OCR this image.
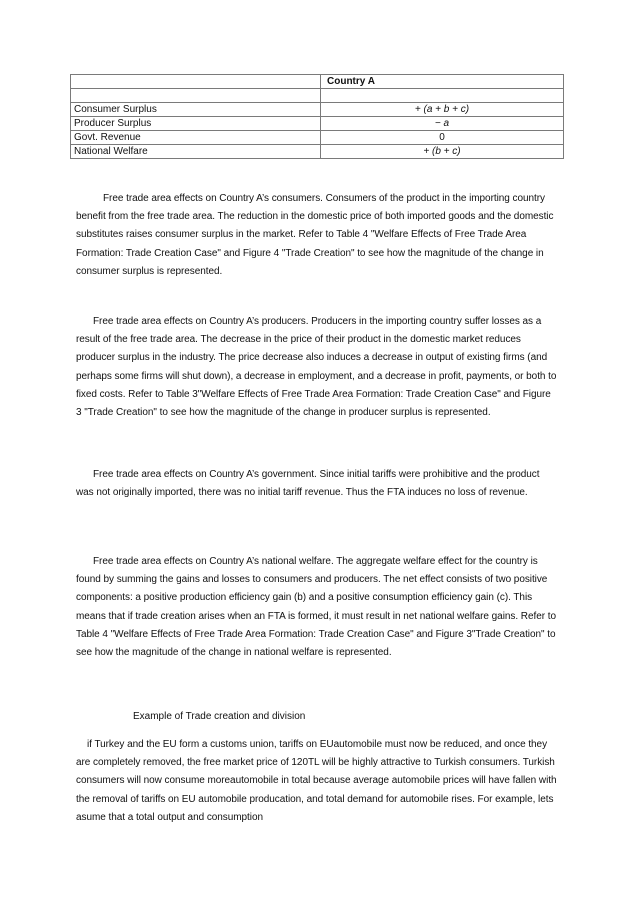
	Country A

Consumer Surplus	+ (a + b + c)
Producer Surplus	− a
Govt. Revenue	0
National Welfare	+ (b + c)

Free trade area effects on Country A’s consumers. Consumers of the product in the importing country benefit from the free trade area. The reduction in the domestic price of both imported goods and the domestic substitutes raises consumer surplus in the market. Refer to Table 4 "Welfare Effects of Free Trade Area Formation: Trade Creation Case" and Figure 4 "Trade Creation" to see how the magnitude of the change in consumer surplus is represented.

Free trade area effects on Country A’s producers. Producers in the importing country suffer losses as a result of the free trade area. The decrease in the price of their product in the domestic market reduces producer surplus in the industry. The price decrease also induces a decrease in output of existing firms (and perhaps some firms will shut down), a decrease in employment, and a decrease in profit, payments, or both to fixed costs. Refer to Table 3"Welfare Effects of Free Trade Area Formation: Trade Creation Case" and Figure 3 "Trade Creation" to see how the magnitude of the change in producer surplus is represented.

Free trade area effects on Country A’s government. Since initial tariffs were prohibitive and the product was not originally imported, there was no initial tariff revenue. Thus the FTA induces no loss of revenue.

Free trade area effects on Country A’s national welfare. The aggregate welfare effect for the country is found by summing the gains and losses to consumers and producers. The net effect consists of two positive components: a positive production efficiency gain (b) and a positive consumption efficiency gain (c). This means that if trade creation arises when an FTA is formed, it must result in net national welfare gains. Refer to Table 4 "Welfare Effects of Free Trade Area Formation: Trade Creation Case" and Figure 3"Trade Creation" to see how the magnitude of the change in national welfare is represented.

Example of Trade creation and division

if Turkey and the EU form a customs union, tariffs on EUautomobile must now be reduced, and once they are completely removed, the free market price of 120TL will be highly attractive to Turkish consumers. Turkish consumers will now consume moreautomobile in total because average automobile prices will have fallen with the removal of tariffs on EU automobile producation, and total demand for automobile rises. For example, lets asume that a total output and consumption
